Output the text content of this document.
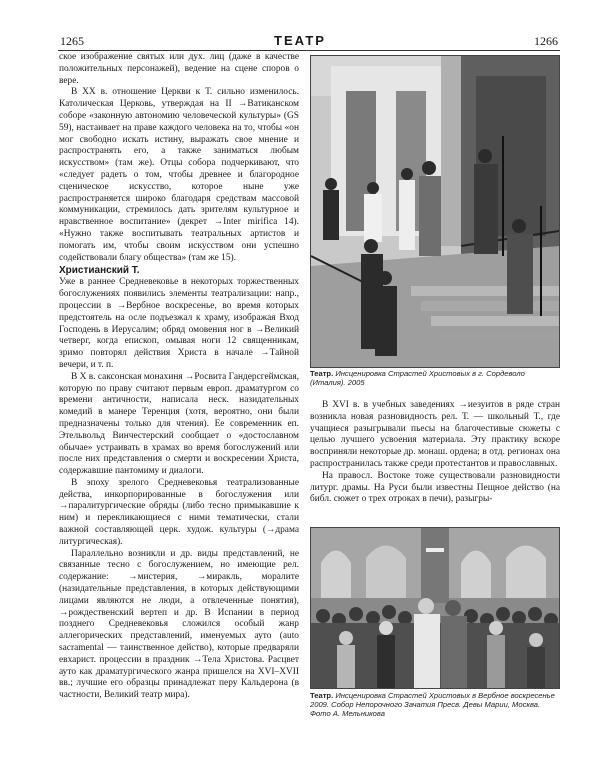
1265	ТЕАТР	1266

ское изображение святых или дух. лиц (даже в качестве положительных персонажей), ведение на сцене споров о вере.

В XX в. отношение Церкви к Т. сильно изменилось. Католическая Церковь, утверждая на II →Ватиканском соборе «законную автономию человеческой культуры» (GS 59), настаивает на праве каждого человека на то, чтобы «он мог свободно искать истину, выражать свое мнение и распространять его, а также заниматься любым искусством» (там же). Отцы собора подчеркивают, что «следует радеть о том, чтобы древнее и благородное сценическое искусство, которое ныне уже распространяется широко благодаря средствам массовой коммуникации, стремилось дать зрителям культурное и нравственное воспитание» (декрет →Inter mirifica 14). «Нужно также воспитывать театральных артистов и помогать им, чтобы своим искусством они успешно содействовали благу общества» (там же 15).

Христианский Т.

Уже в раннее Средневековье в некоторых торжественных богослужениях появились элементы театрализации: напр., процессии в →Вербное воскресенье, во время которых предстоятель на осле подъезжал к храму, изображая Вход Господень в Иерусалим; обряд омовения ног в →Великий четверг, когда епископ, омывая ноги 12 священникам, зримо повторял действия Христа в начале →Тайной вечери, и т. п.

В X в. саксонская монахиня →Росвита Гандерсгеймская, которую по праву считают первым европ. драматургом со времени античности, написала неск. назидательных комедий в манере Теренция (хотя, вероятно, они были предназначены только для чтения). Ее современник еп. Этельвольд Винчестерский сообщает о «достославном обычае» устраивать в храмах во время богослужений или после них представления о смерти и воскресении Христа, содержавшие пантомиму и диалоги.

В эпоху зрелого Средневековья театрализованные действа, инкорпорированные в богослужения или →паралитургические обряды (либо тесно примыкавшие к ним) и перекликающиеся с ними тематически, стали важной составляющей церк. худож. культуры (→драма литургическая).

Параллельно возникли и др. виды представлений, не связанные тесно с богослужением, но имеющие рел. содержание: →мистерия, →миракль, моралите (назидательные представления, в которых действующими лицами являются не люди, а отвлеченные понятия), →рождественский вертеп и др. В Испании в период позднего Средневековья сложился особый жанр аллегорических представлений, именуемых ауто (auto sacramental — таинственное действо), которые предваряли евхарист. процессии в праздник →Тела Христова. Расцвет ауто как драматургического жанра пришелся на XVI–XVII вв.; лучшие его образцы принадлежат перу Кальдерона (в частности, Великий театр мира).

Театр. Инсценировка Страстей Христовых в г. Сордеволо (Италия). 2005

В XVI в. в учебных заведениях →иезуитов в ряде стран возникла новая разновидность рел. Т. — школьный Т., где учащиеся разыгрывали пьесы на благочестивые сюжеты с целью лучшего усвоения материала. Эту практику вскоре восприняли некоторые др. монаш. ордена; в отд. регионах она распространилась также среди протестантов и православных.

На правосл. Востоке тоже существовали разновидности литург. драмы. На Руси были известны Пещное действо (на библ. сюжет о трех отроках в печи), разыгры-

Театр. Инсценировка Страстей Христовых в Вербное воскресенье 2009. Собор Непорочного Зачатия Пресв. Девы Марии, Москва. Фото А. Мельникова
